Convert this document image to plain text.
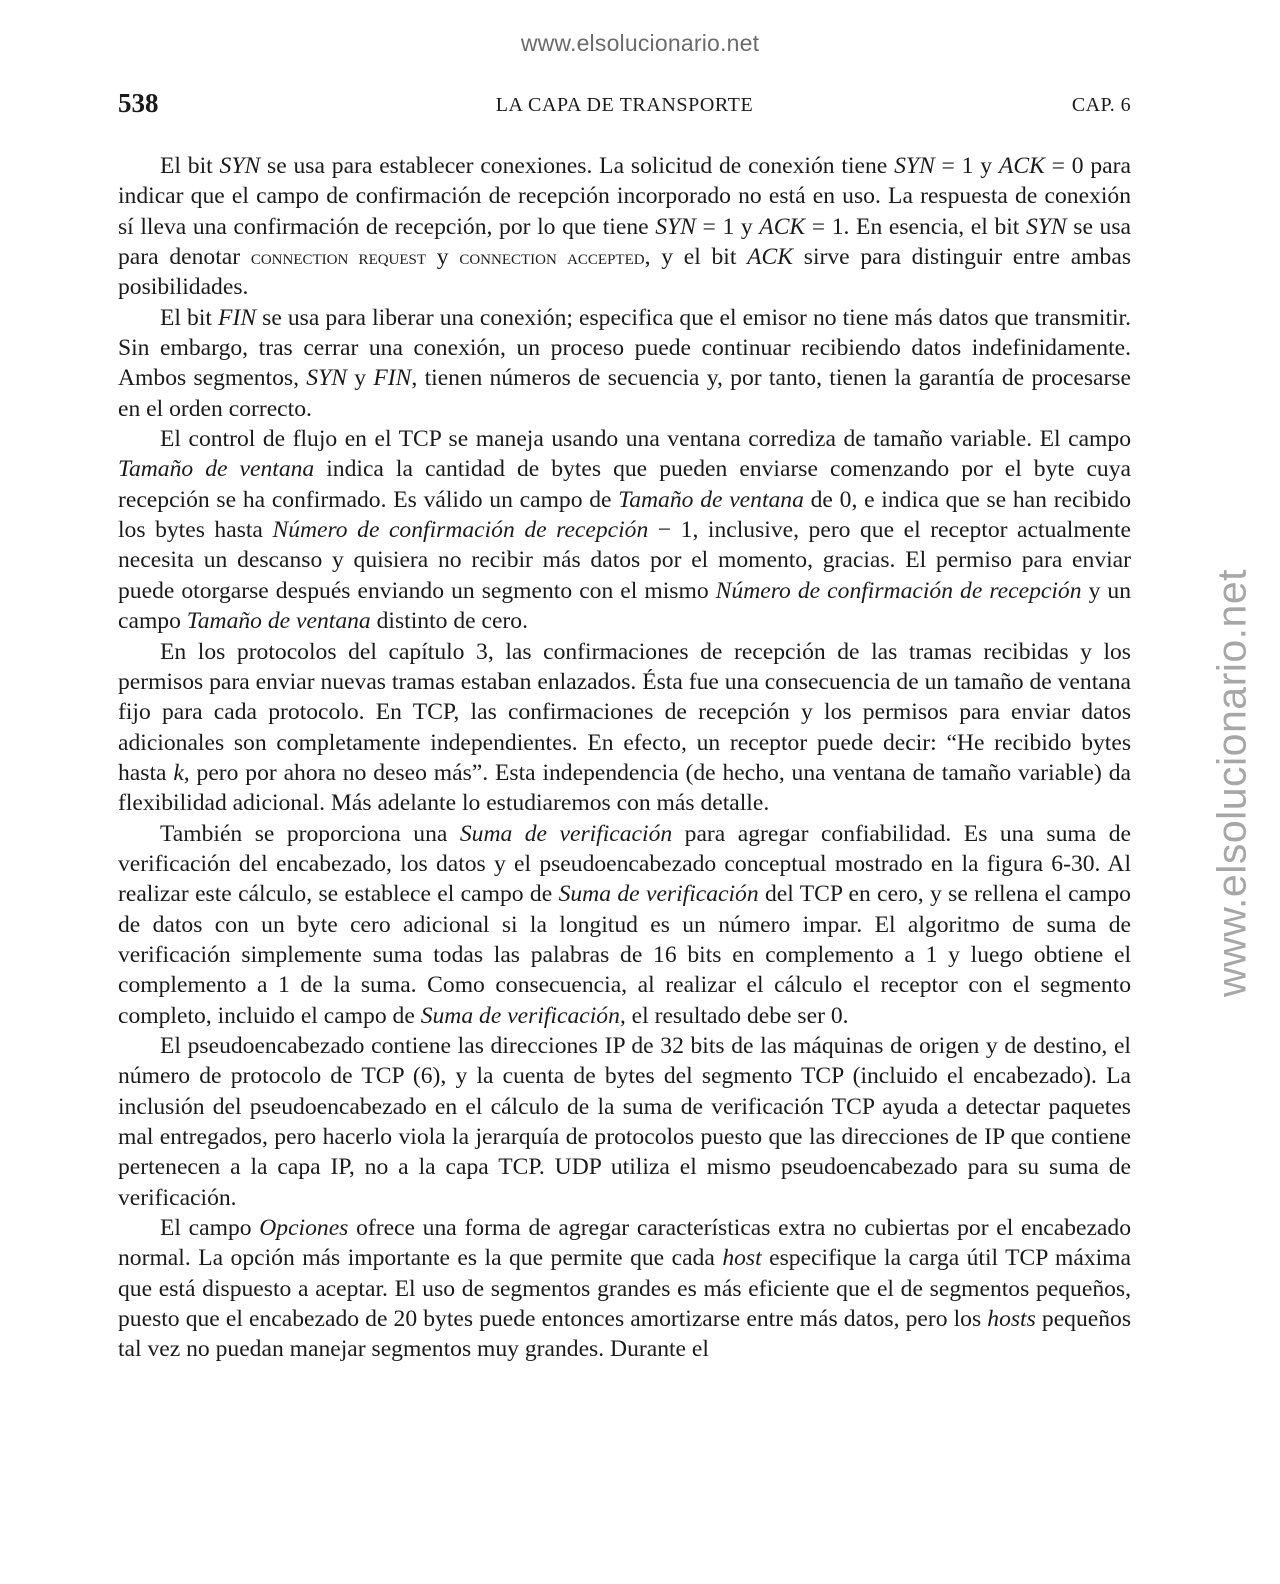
www.elsolucionario.net
www.elsolucionario.net
538	LA CAPA DE TRANSPORTE	CAP. 6

El bit SYN se usa para establecer conexiones. La solicitud de conexión tiene SYN = 1 y ACK = 0 para indicar que el campo de confirmación de recepción incorporado no está en uso. La respuesta de conexión sí lleva una confirmación de recepción, por lo que tiene SYN = 1 y ACK = 1. En esencia, el bit SYN se usa para denotar connection request y connection accepted, y el bit ACK sirve para distinguir entre ambas posibilidades.

El bit FIN se usa para liberar una conexión; especifica que el emisor no tiene más datos que transmitir. Sin embargo, tras cerrar una conexión, un proceso puede continuar recibiendo datos indefinidamente. Ambos segmentos, SYN y FIN, tienen números de secuencia y, por tanto, tienen la garantía de procesarse en el orden correcto.

El control de flujo en el TCP se maneja usando una ventana corrediza de tamaño variable. El campo Tamaño de ventana indica la cantidad de bytes que pueden enviarse comenzando por el byte cuya recepción se ha confirmado. Es válido un campo de Tamaño de ventana de 0, e indica que se han recibido los bytes hasta Número de confirmación de recepción − 1, inclusive, pero que el receptor actualmente necesita un descanso y quisiera no recibir más datos por el momento, gracias. El permiso para enviar puede otorgarse después enviando un segmento con el mismo Número de confirmación de recepción y un campo Tamaño de ventana distinto de cero.

En los protocolos del capítulo 3, las confirmaciones de recepción de las tramas recibidas y los permisos para enviar nuevas tramas estaban enlazados. Ésta fue una consecuencia de un tamaño de ventana fijo para cada protocolo. En TCP, las confirmaciones de recepción y los permisos para enviar datos adicionales son completamente independientes. En efecto, un receptor puede decir: “He recibido bytes hasta k, pero por ahora no deseo más”. Esta independencia (de hecho, una ventana de tamaño variable) da flexibilidad adicional. Más adelante lo estudiaremos con más detalle.

También se proporciona una Suma de verificación para agregar confiabilidad. Es una suma de verificación del encabezado, los datos y el pseudoencabezado conceptual mostrado en la figura 6-30. Al realizar este cálculo, se establece el campo de Suma de verificación del TCP en cero, y se rellena el campo de datos con un byte cero adicional si la longitud es un número impar. El algoritmo de suma de verificación simplemente suma todas las palabras de 16 bits en complemento a 1 y luego obtiene el complemento a 1 de la suma. Como consecuencia, al realizar el cálculo el receptor con el segmento completo, incluido el campo de Suma de verificación, el resultado debe ser 0.

El pseudoencabezado contiene las direcciones IP de 32 bits de las máquinas de origen y de destino, el número de protocolo de TCP (6), y la cuenta de bytes del segmento TCP (incluido el encabezado). La inclusión del pseudoencabezado en el cálculo de la suma de verificación TCP ayuda a detectar paquetes mal entregados, pero hacerlo viola la jerarquía de protocolos puesto que las direcciones de IP que contiene pertenecen a la capa IP, no a la capa TCP. UDP utiliza el mismo pseudoencabezado para su suma de verificación.

El campo Opciones ofrece una forma de agregar características extra no cubiertas por el encabezado normal. La opción más importante es la que permite que cada host especifique la carga útil TCP máxima que está dispuesto a aceptar. El uso de segmentos grandes es más eficiente que el de segmentos pequeños, puesto que el encabezado de 20 bytes puede entonces amortizarse entre más datos, pero los hosts pequeños tal vez no puedan manejar segmentos muy grandes. Durante el
